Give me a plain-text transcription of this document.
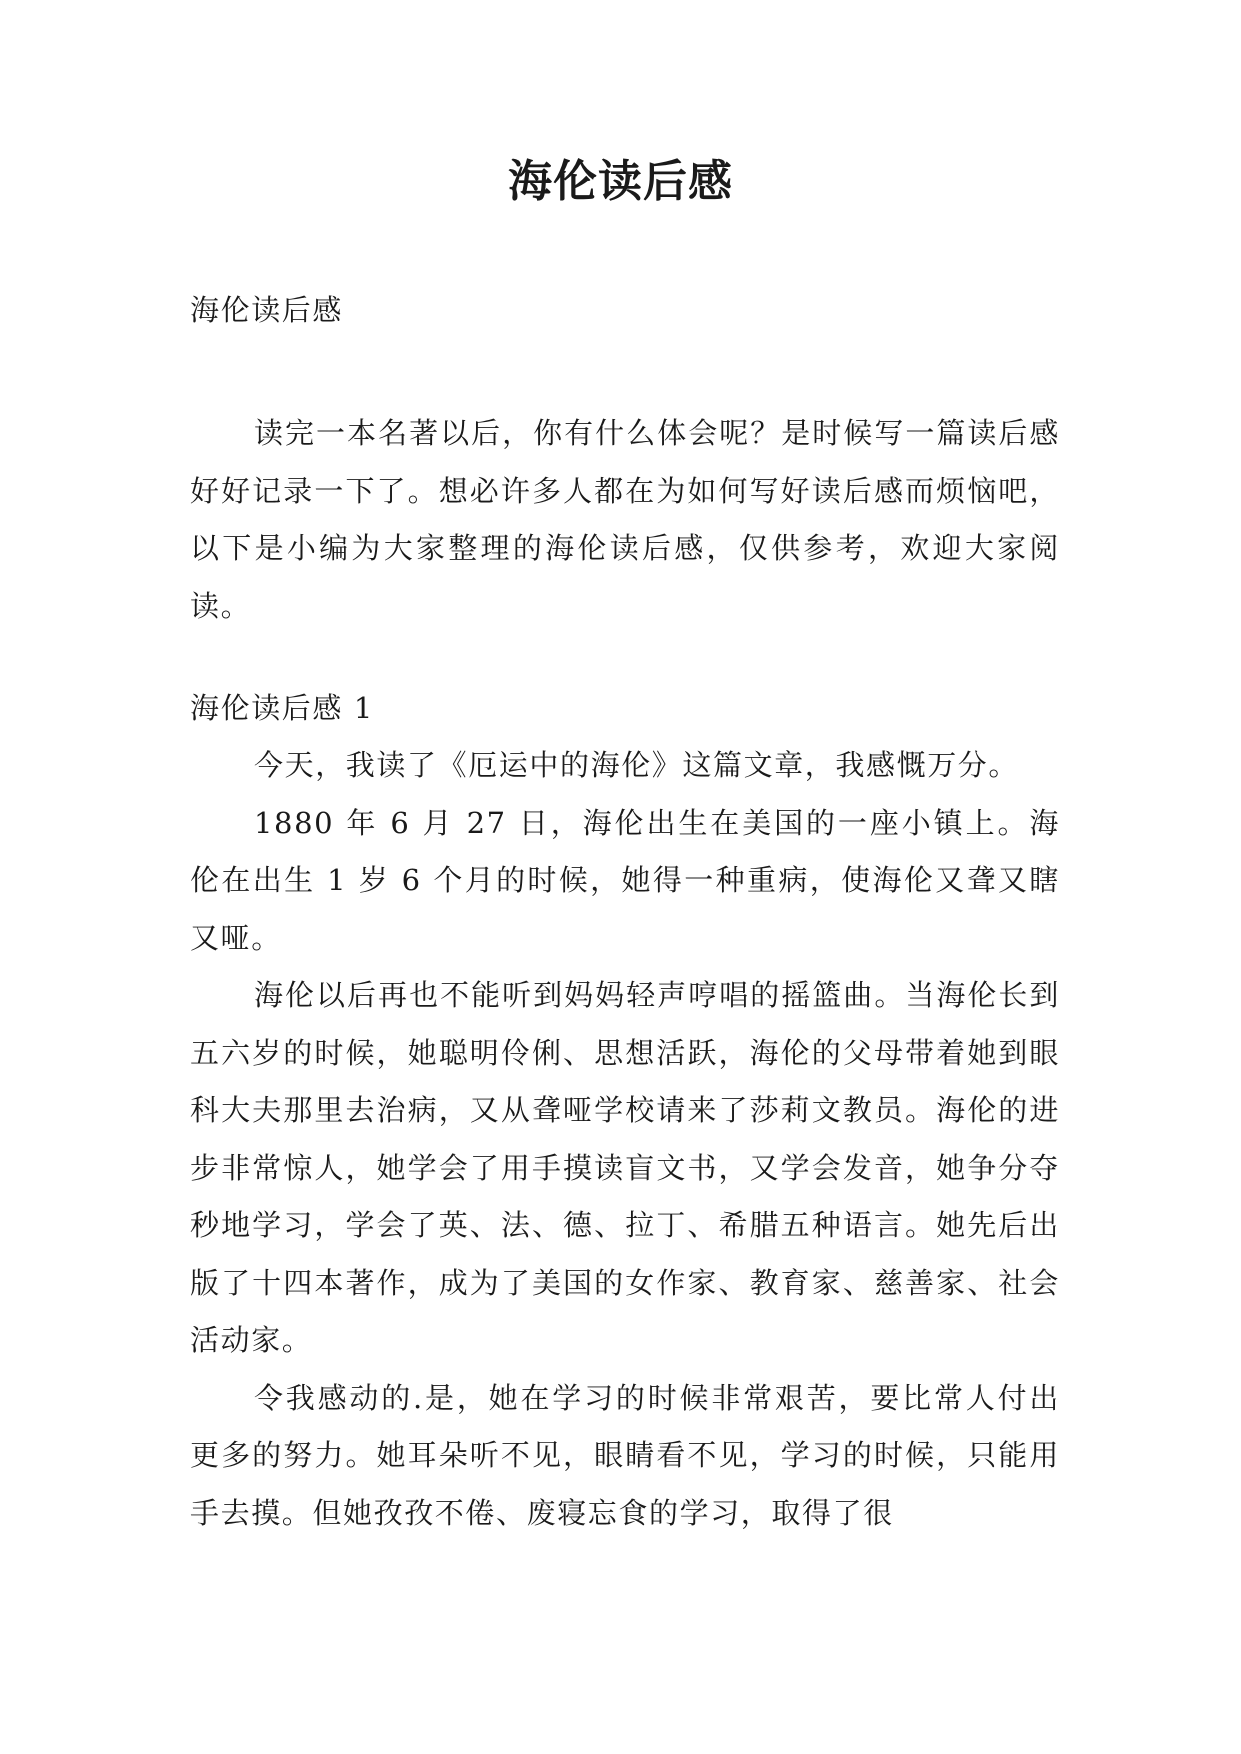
海伦读后感

海伦读后感

读完一本名著以后，你有什么体会呢？是时候写一篇读后感好好记录一下了。想必许多人都在为如何写好读后感而烦恼吧，以下是小编为大家整理的海伦读后感，仅供参考，欢迎大家阅读。

海伦读后感 1

今天，我读了《厄运中的海伦》这篇文章，我感慨万分。

1880 年 6 月 27 日，海伦出生在美国的一座小镇上。海伦在出生 1 岁 6 个月的时候，她得一种重病，使海伦又聋又瞎又哑。

海伦以后再也不能听到妈妈轻声哼唱的摇篮曲。当海伦长到五六岁的时候，她聪明伶俐、思想活跃，海伦的父母带着她到眼科大夫那里去治病，又从聋哑学校请来了莎莉文教员。海伦的进步非常惊人，她学会了用手摸读盲文书，又学会发音，她争分夺秒地学习，学会了英、法、德、拉丁、希腊五种语言。她先后出版了十四本著作，成为了美国的女作家、教育家、慈善家、社会活动家。

令我感动的.是，她在学习的时候非常艰苦，要比常人付出更多的努力。她耳朵听不见，眼睛看不见，学习的时候，只能用手去摸。但她孜孜不倦、废寝忘食的学习，取得了很
